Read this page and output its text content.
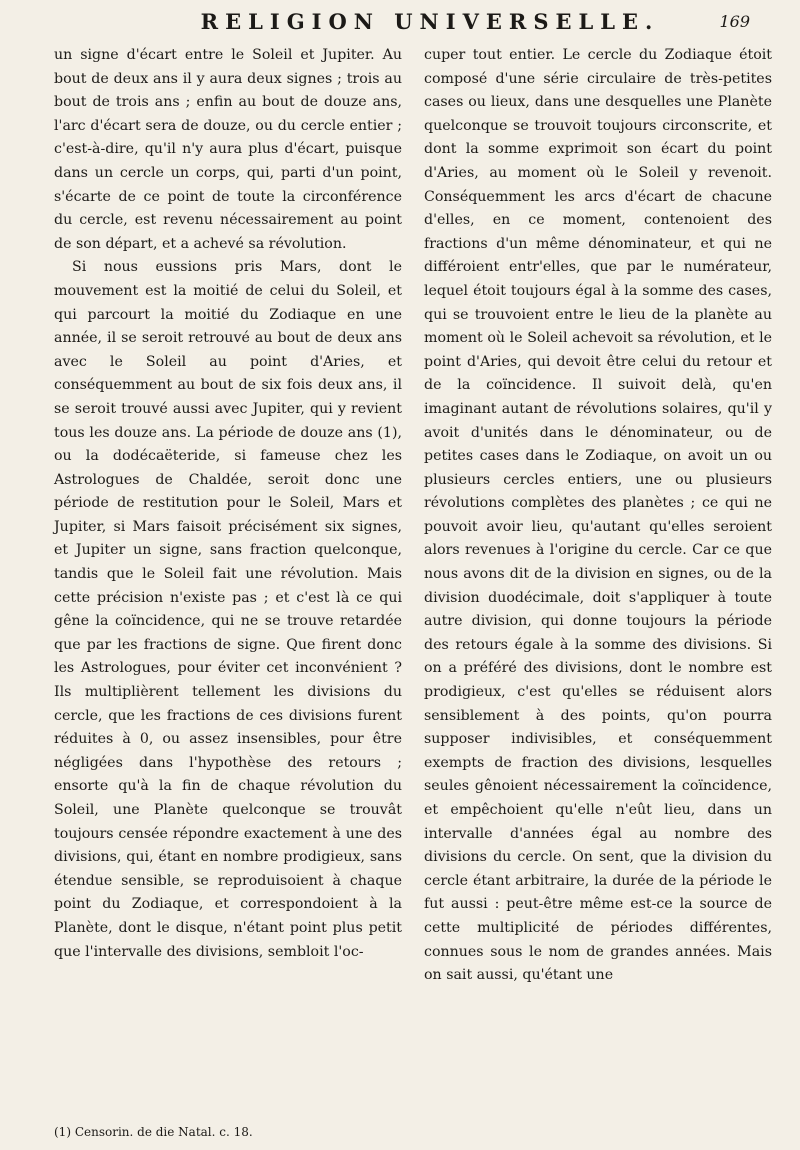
RELIGION UNIVERSELLE.	169

un signe d'écart entre le Soleil et Jupiter. Au bout de deux ans il y aura deux signes ; trois au bout de trois ans ; enfin au bout de douze ans, l'arc d'écart sera de douze, ou du cercle entier ; c'est-à-dire, qu'il n'y aura plus d'écart, puisque dans un cercle un corps, qui, parti d'un point, s'écarte de ce point de toute la circonférence du cercle, est revenu nécessairement au point de son départ, et a achevé sa révolution.

Si nous eussions pris Mars, dont le mouvement est la moitié de celui du Soleil, et qui parcourt la moitié du Zodiaque en une année, il se seroit retrouvé au bout de deux ans avec le Soleil au point d'Aries, et conséquemment au bout de six fois deux ans, il se seroit trouvé aussi avec Jupiter, qui y revient tous les douze ans. La période de douze ans (1), ou la dodécaëteride, si fameuse chez les Astrologues de Chaldée, seroit donc une période de restitution pour le Soleil, Mars et Jupiter, si Mars faisoit précisément six signes, et Jupiter un signe, sans fraction quelconque, tandis que le Soleil fait une révolution. Mais cette précision n'existe pas ; et c'est là ce qui gêne la coïncidence, qui ne se trouve retardée que par les fractions de signe. Que firent donc les Astrologues, pour éviter cet inconvénient ? Ils multiplièrent tellement les divisions du cercle, que les fractions de ces divisions furent réduites à 0, ou assez insensibles, pour être négligées dans l'hypothèse des retours ; ensorte qu'à la fin de chaque révolution du Soleil, une Planète quelconque se trouvât toujours censée répondre exactement à une des divisions, qui, étant en nombre prodigieux, sans étendue sensible, se reproduisoient à chaque point du Zodiaque, et correspondoient à la Planète, dont le disque, n'étant point plus petit que l'intervalle des divisions, sembloit l'oc-

cuper tout entier. Le cercle du Zodiaque étoit composé d'une série circulaire de très-petites cases ou lieux, dans une desquelles une Planète quelconque se trouvoit toujours circonscrite, et dont la somme exprimoit son écart du point d'Aries, au moment où le Soleil y revenoit. Conséquemment les arcs d'écart de chacune d'elles, en ce moment, contenoient des fractions d'un même dénominateur, et qui ne différoient entr'elles, que par le numérateur, lequel étoit toujours égal à la somme des cases, qui se trouvoient entre le lieu de la planète au moment où le Soleil achevoit sa révolution, et le point d'Aries, qui devoit être celui du retour et de la coïncidence. Il suivoit delà, qu'en imaginant autant de révolutions solaires, qu'il y avoit d'unités dans le dénominateur, ou de petites cases dans le Zodiaque, on avoit un ou plusieurs cercles entiers, une ou plusieurs révolutions complètes des planètes ; ce qui ne pouvoit avoir lieu, qu'autant qu'elles seroient alors revenues à l'origine du cercle. Car ce que nous avons dit de la division en signes, ou de la division duodécimale, doit s'appliquer à toute autre division, qui donne toujours la période des retours égale à la somme des divisions. Si on a préféré des divisions, dont le nombre est prodigieux, c'est qu'elles se réduisent alors sensiblement à des points, qu'on pourra supposer indivisibles, et conséquemment exempts de fraction des divisions, lesquelles seules gênoient nécessairement la coïncidence, et empêchoient qu'elle n'eût lieu, dans un intervalle d'années égal au nombre des divisions du cercle. On sent, que la division du cercle étant arbitraire, la durée de la période le fut aussi : peut-être même est-ce la source de cette multiplicité de périodes différentes, connues sous le nom de grandes années. Mais on sait aussi, qu'étant une

(1) Censorin. de die Natal. c. 18.
